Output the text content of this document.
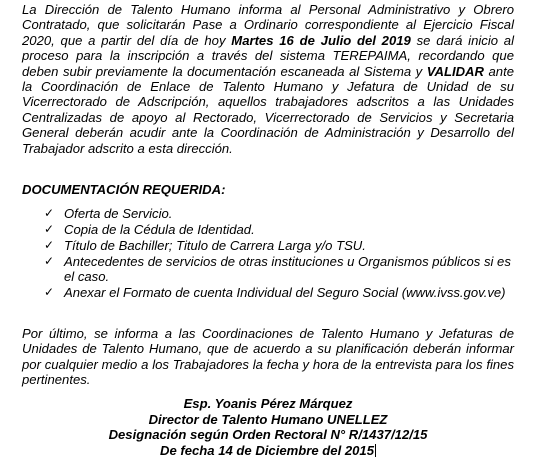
La Dirección de Talento Humano informa al Personal Administrativo y Obrero Contratado, que solicitarán Pase a Ordinario correspondiente al Ejercicio Fiscal 2020, que a partir del día de hoy Martes 16 de Julio del 2019 se dará inicio al proceso para la inscripción a través del sistema TEREPAIMA, recordando que deben subir previamente la documentación escaneada al Sistema y VALIDAR ante la Coordinación de Enlace de Talento Humano y Jefatura de Unidad de su Vicerrectorado de Adscripción, aquellos trabajadores adscritos a las Unidades Centralizadas de apoyo al Rectorado, Vicerrectorado de Servicios y Secretaria General deberán acudir ante la Coordinación de Administración y Desarrollo del Trabajador adscrito a esta dirección.

DOCUMENTACIÓN REQUERIDA:
✓ Oferta de Servicio.
✓ Copia de la Cédula de Identidad.
✓ Título de Bachiller; Titulo de Carrera Larga y/o TSU.
✓ Antecedentes de servicios de otras instituciones u Organismos públicos si es el caso.
✓ Anexar el Formato de cuenta Individual del Seguro Social (www.ivss.gov.ve)

Por último, se informa a las Coordinaciones de Talento Humano y Jefaturas de Unidades de Talento Humano, que de acuerdo a su planificación deberán informar por cualquier medio a los Trabajadores la fecha y hora de la entrevista para los fines pertinentes.

Esp. Yoanis Pérez Márquez
Director de Talento Humano UNELLEZ
Designación según Orden Rectoral N° R/1437/12/15
De fecha 14 de Diciembre del 2015
